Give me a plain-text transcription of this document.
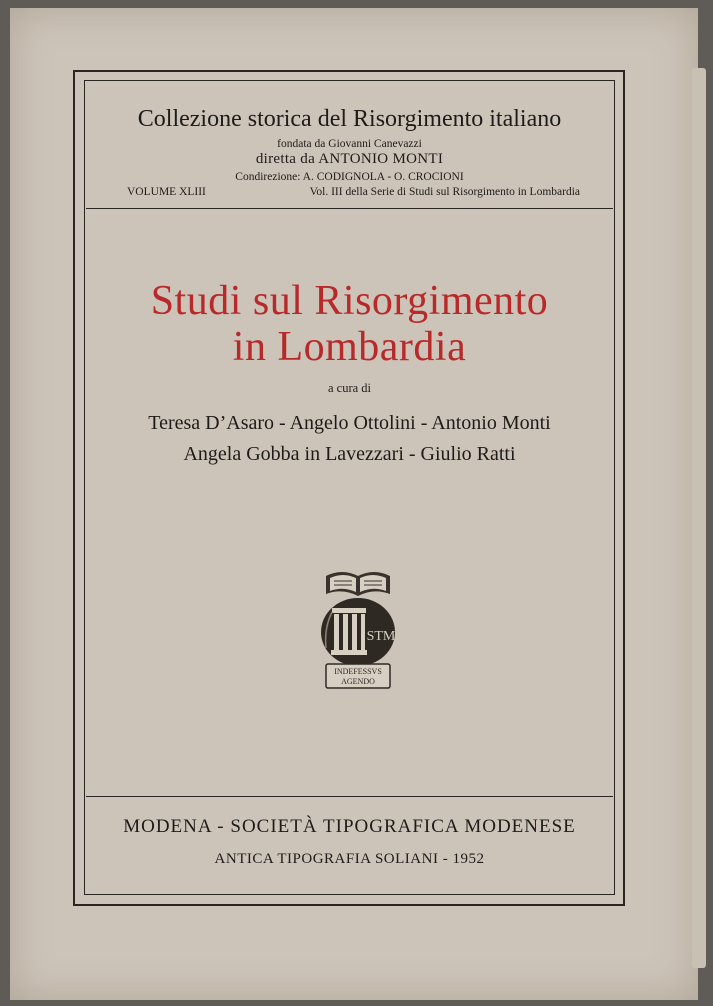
Collezione storica del Risorgimento italiano
fondata da Giovanni Canevazzi
diretta da ANTONIO MONTI
Condirezione: A. CODIGNOLA - O. CROCIONI
VOLUME XLIII	Vol. III della Serie di Studi sul Risorgimento in Lombardia
Studi sul Risorgimento
in Lombardia
a cura di
Teresa D’Asaro - Angelo Ottolini - Antonio Monti
Angela Gobba in Lavezzari - Giulio Ratti
STM
INDEFESSVS
AGENDO
MODENA - SOCIETÀ TIPOGRAFICA MODENESE
ANTICA TIPOGRAFIA SOLIANI - 1952
